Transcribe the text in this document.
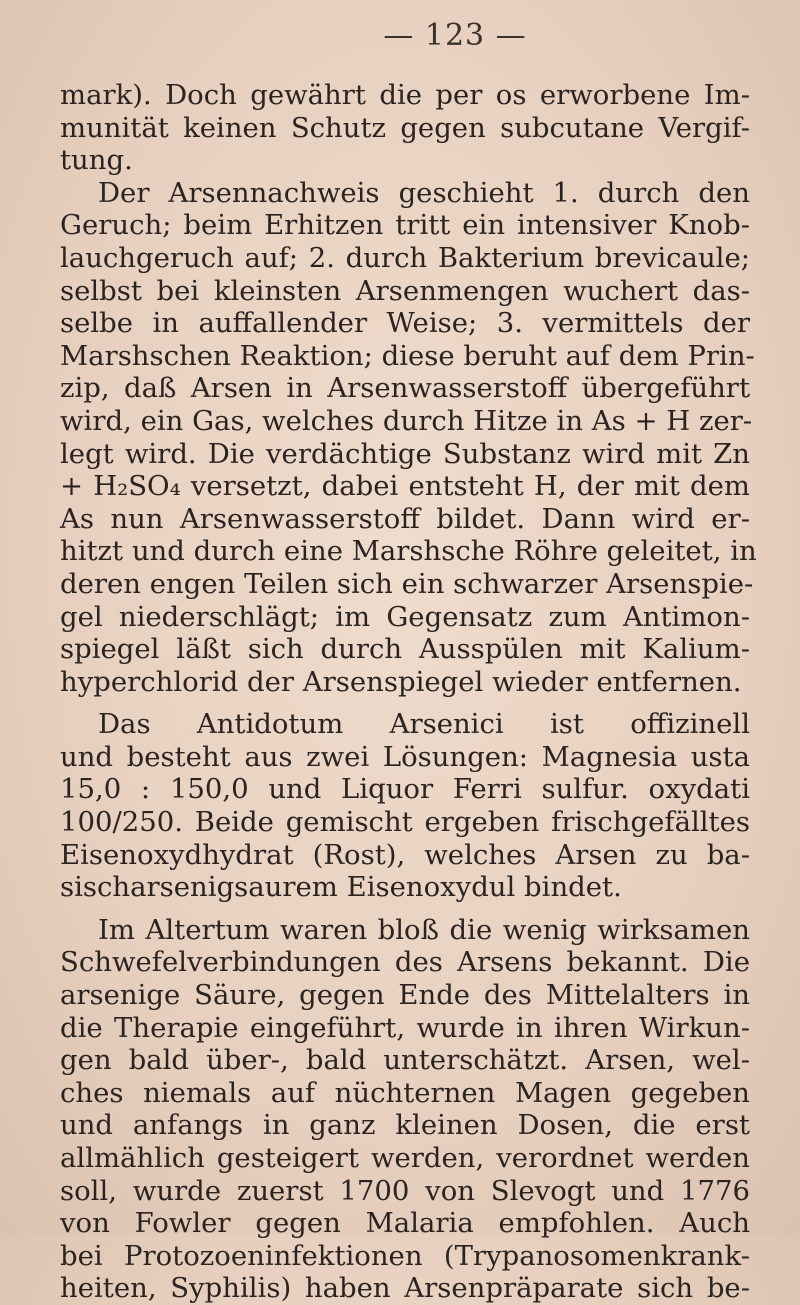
— 123 —

mark). Doch gewährt die per os erworbene Im-
munität keinen Schutz gegen subcutane Vergif-
tung.

Der Arsennachweis geschieht 1. durch den
Geruch; beim Erhitzen tritt ein intensiver Knob-
lauchgeruch auf; 2. durch Bakterium brevicaule;
selbst bei kleinsten Arsenmengen wuchert das-
selbe in auffallender Weise; 3. vermittels der
Marshschen Reaktion; diese beruht auf dem Prin-
zip, daß Arsen in Arsenwasserstoff übergeführt
wird, ein Gas, welches durch Hitze in As + H zer-
legt wird. Die verdächtige Substanz wird mit Zn
+ H₂SO₄ versetzt, dabei entsteht H, der mit dem
As nun Arsenwasserstoff bildet. Dann wird er-
hitzt und durch eine Marshsche Röhre geleitet, in
deren engen Teilen sich ein schwarzer Arsenspie-
gel niederschlägt; im Gegensatz zum Antimon-
spiegel läßt sich durch Ausspülen mit Kalium-
hyperchlorid der Arsenspiegel wieder entfernen.

Das Antidotum Arsenici ist offizinell
und besteht aus zwei Lösungen: Magnesia usta
15,0 : 150,0 und Liquor Ferri sulfur. oxydati
100/250. Beide gemischt ergeben frischgefälltes
Eisenoxydhydrat (Rost), welches Arsen zu ba-
sischarsenigsaurem Eisenoxydul bindet.

Im Altertum waren bloß die wenig wirksamen
Schwefelverbindungen des Arsens bekannt. Die
arsenige Säure, gegen Ende des Mittelalters in
die Therapie eingeführt, wurde in ihren Wirkun-
gen bald über-, bald unterschätzt. Arsen, wel-
ches niemals auf nüchternen Magen gegeben
und anfangs in ganz kleinen Dosen, die erst
allmählich gesteigert werden, verordnet werden
soll, wurde zuerst 1700 von Slevogt und 1776
von Fowler gegen Malaria empfohlen. Auch
bei Protozoeninfektionen (Trypanosomenkrank-
heiten, Syphilis) haben Arsenpräparate sich be-
